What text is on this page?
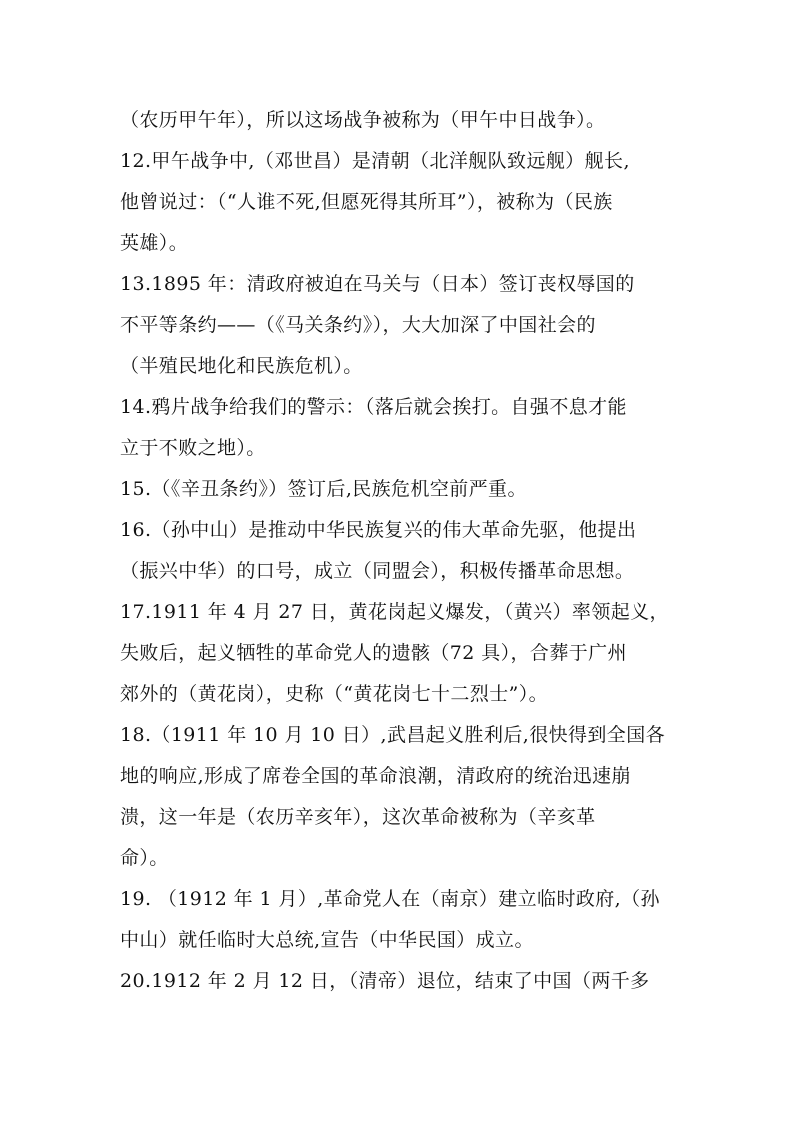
（农历甲午年），所以这场战争被称为（甲午中日战争）。
12.甲午战争中,（邓世昌）是清朝（北洋舰队致远舰）舰长,
他曾说过：（“人谁不死,但愿死得其所耳”），被称为（民族
英雄）。
13.1895 年：清政府被迫在马关与（日本）签订丧权辱国的
不平等条约——（《马关条约》），大大加深了中国社会的
（半殖民地化和民族危机）。
14.鸦片战争给我们的警示：（落后就会挨打。自强不息才能
立于不败之地）。
15.（《辛丑条约》）签订后,民族危机空前严重。
16.（孙中山）是推动中华民族复兴的伟大革命先驱，他提出
（振兴中华）的口号，成立（同盟会），积极传播革命思想。
17.1911 年 4 月 27 日，黄花岗起义爆发，（黄兴）率领起义，
失败后，起义牺牲的革命党人的遗骸（72 具），合葬于广州
郊外的（黄花岗），史称（“黄花岗七十二烈士”）。
18.（1911 年 10 月 10 日）,武昌起义胜利后,很快得到全国各
地的响应,形成了席卷全国的革命浪潮，清政府的统治迅速崩
溃，这一年是（农历辛亥年），这次革命被称为（辛亥革
命）。
19. （1912 年 1 月）,革命党人在（南京）建立临时政府,（孙
中山）就任临时大总统,宣告（中华民国）成立。
20.1912 年 2 月 12 日，（清帝）退位，结束了中国（两千多
